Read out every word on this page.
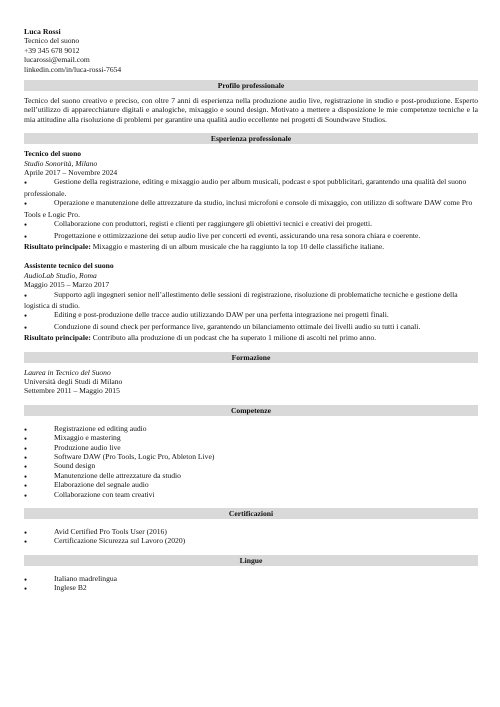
Luca Rossi
Tecnico del suono
+39 345 678 9012
lucarossi@email.com
linkedin.com/in/luca-rossi-7654
Profilo professionale
Tecnico del suono creativo e preciso, con oltre 7 anni di esperienza nella produzione audio live, registrazione in studio e post-produzione. Esperto nell’utilizzo di apparecchiature digitali e analogiche, mixaggio e sound design. Motivato a mettere a disposizione le mie competenze tecniche e la mia attitudine alla risoluzione di problemi per garantire una qualità audio eccellente nei progetti di Soundwave Studios.
Esperienza professionale
Tecnico del suono
Studio Sonorità, Milano
Aprile 2017 – Novembre 2024
●Gestione della registrazione, editing e mixaggio audio per album musicali, podcast e spot pubblicitari, garantendo una qualità del suono professionale.
●Operazione e manutenzione delle attrezzature da studio, inclusi microfoni e console di mixaggio, con utilizzo di software DAW come Pro Tools e Logic Pro.
●Collaborazione con produttori, registi e clienti per raggiungere gli obiettivi tecnici e creativi dei progetti.
●Progettazione e ottimizzazione dei setup audio live per concerti ed eventi, assicurando una resa sonora chiara e coerente.
Risultato principale: Mixaggio e mastering di un album musicale che ha raggiunto la top 10 delle classifiche italiane.
Assistente tecnico del suono
AudioLab Studio, Roma
Maggio 2015 – Marzo 2017
●Supporto agli ingegneri senior nell’allestimento delle sessioni di registrazione, risoluzione di problematiche tecniche e gestione della logistica di studio.
●Editing e post-produzione delle tracce audio utilizzando DAW per una perfetta integrazione nei progetti finali.
●Conduzione di sound check per performance live, garantendo un bilanciamento ottimale dei livelli audio su tutti i canali.
Risultato principale: Contributo alla produzione di un podcast che ha superato 1 milione di ascolti nel primo anno.
Formazione
Laurea in Tecnico del Suono
Università degli Studi di Milano
Settembre 2011 – Maggio 2015
Competenze
●
Registrazione ed editing audio
●
Mixaggio e mastering
●
Produzione audio live
●
Software DAW (Pro Tools, Logic Pro, Ableton Live)
●
Sound design
●
Manutenzione delle attrezzature da studio
●
Elaborazione del segnale audio
●
Collaborazione con team creativi
Certificazioni
●
Avid Certified Pro Tools User (2016)
●
Certificazione Sicurezza sul Lavoro (2020)
Lingue
●
Italiano madrelingua
●
Inglese B2
